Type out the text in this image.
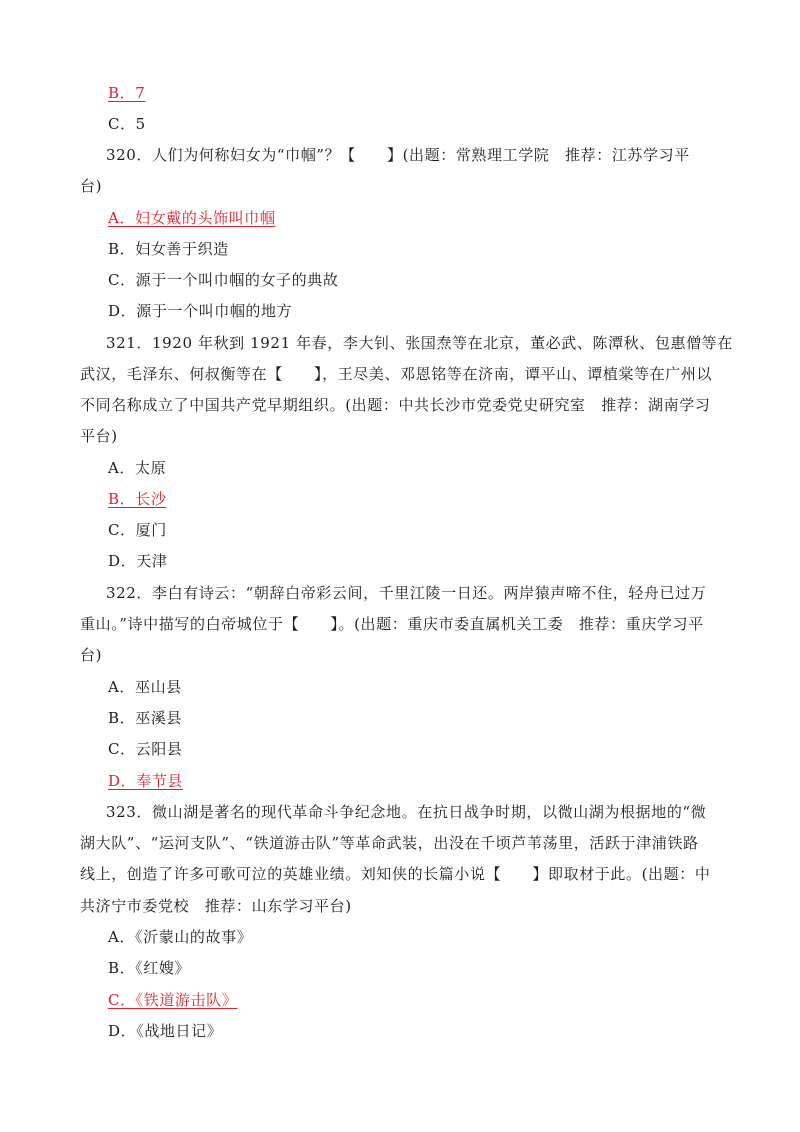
B．7
C．5
320．人们为何称妇女为“巾帼”？【　　】(出题：常熟理工学院　推荐：江苏学习平
台)
A．妇女戴的头饰叫巾帼
B．妇女善于织造
C．源于一个叫巾帼的女子的典故
D．源于一个叫巾帼的地方
321．1920 年秋到 1921 年春，李大钊、张国焘等在北京，董必武、陈潭秋、包惠僧等在
武汉，毛泽东、何叔衡等在【　　】，王尽美、邓恩铭等在济南，谭平山、谭植棠等在广州以
不同名称成立了中国共产党早期组织。(出题：中共长沙市党委党史研究室　推荐：湖南学习
平台)
A．太原
B．长沙
C．厦门
D．天津
322．李白有诗云：“朝辞白帝彩云间，千里江陵一日还。两岸猿声啼不住，轻舟已过万
重山。”诗中描写的白帝城位于【　　】。(出题：重庆市委直属机关工委　推荐：重庆学习平
台)
A．巫山县
B．巫溪县
C．云阳县
D．奉节县
323．微山湖是著名的现代革命斗争纪念地。在抗日战争时期，以微山湖为根据地的“微
湖大队”、“运河支队”、“铁道游击队”等革命武装，出没在千顷芦苇荡里，活跃于津浦铁路
线上，创造了许多可歌可泣的英雄业绩。刘知侠的长篇小说【　　】即取材于此。(出题：中
共济宁市委党校　推荐：山东学习平台)
A．《沂蒙山的故事》
B．《红嫂》
C．《铁道游击队》
D．《战地日记》
